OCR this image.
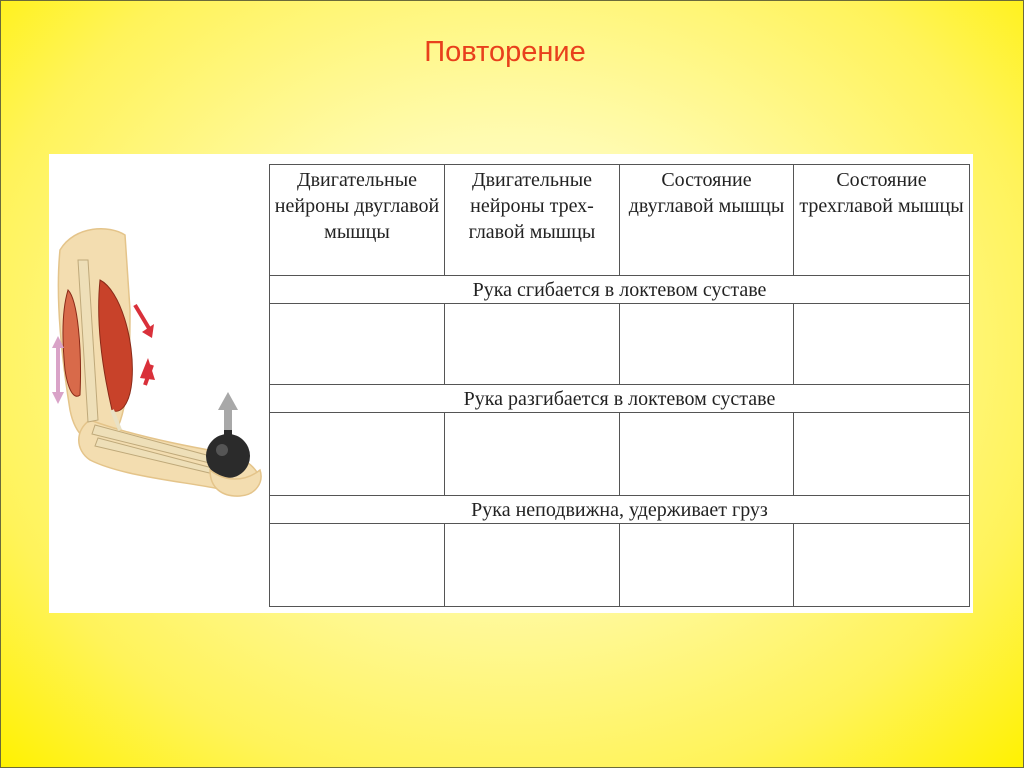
Повторение
Двигательные нейроны двуглавой мышцы	Двигательные нейроны трех-главой мышцы	Состояние двуглавой мышцы	Состояние трехглавой мышцы
Рука сгибается в локтевом суставе			

Рука разгибается в локтевом суставе			

Рука неподвижна, удерживает груз			
